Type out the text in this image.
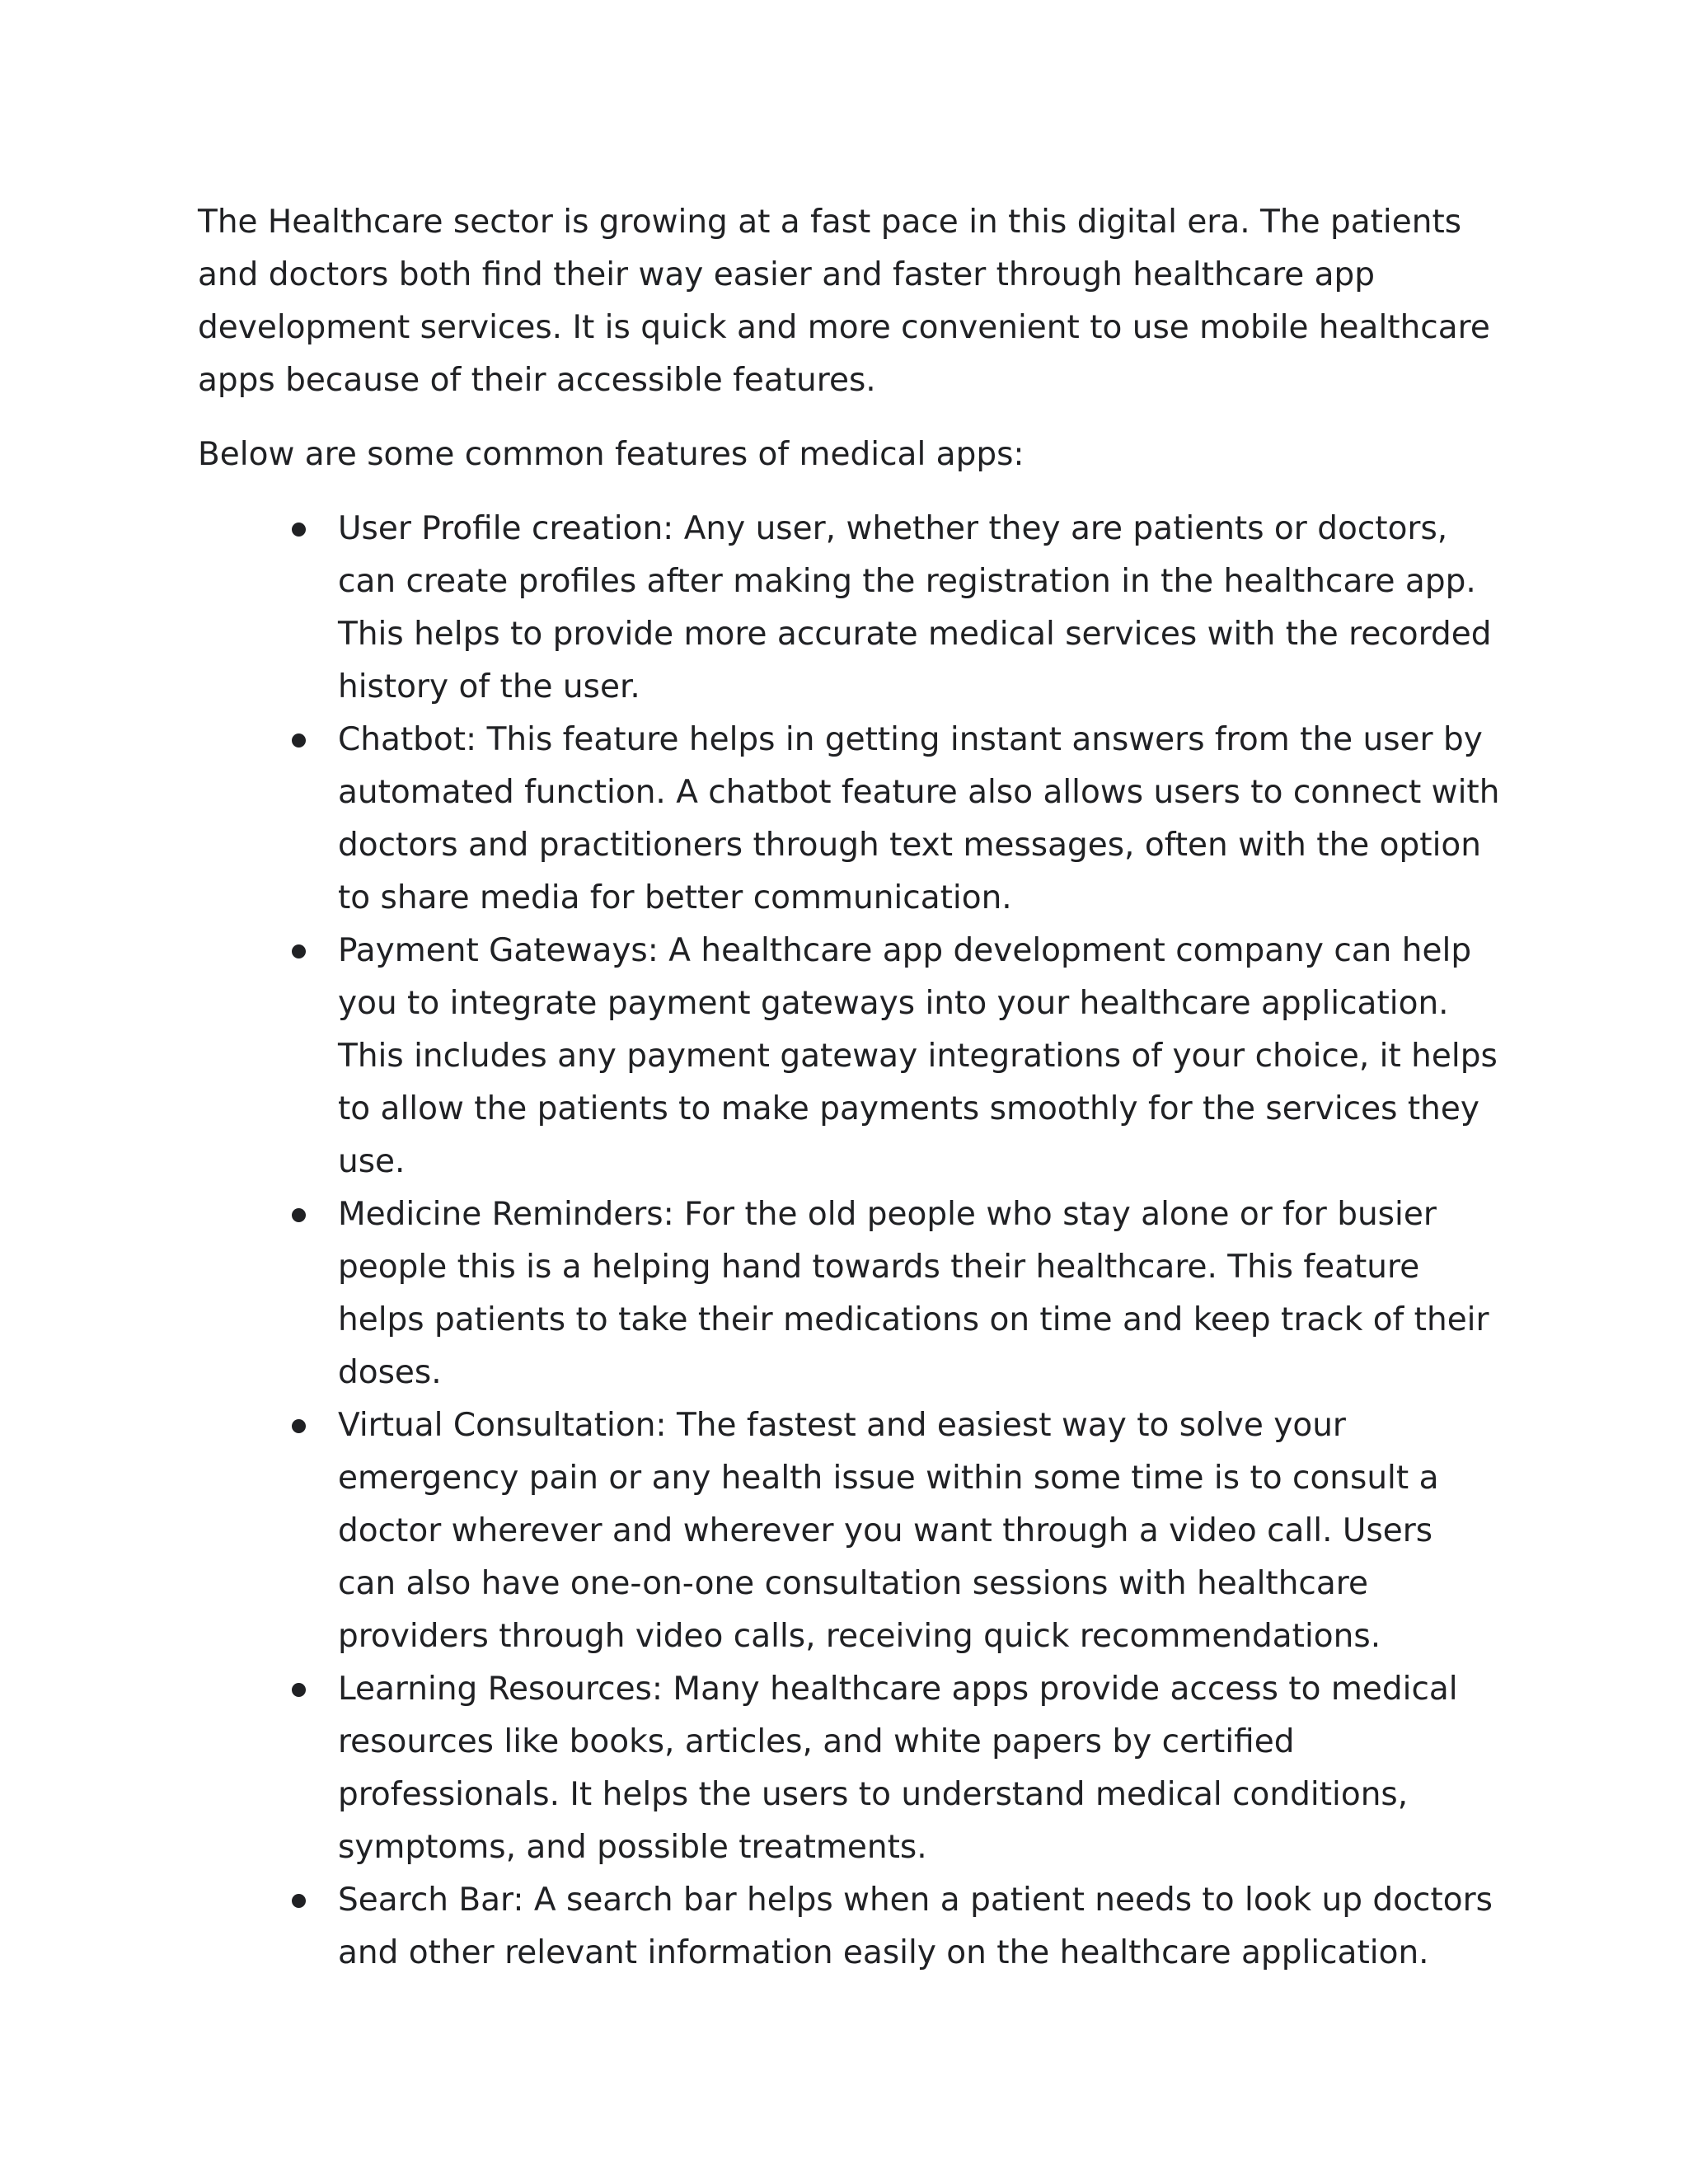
The Healthcare sector is growing at a fast pace in this digital era. The patients and doctors both find their way easier and faster through healthcare app development services. It is quick and more convenient to use mobile healthcare apps because of their accessible features.

Below are some common features of medical apps:

User Profile creation: Any user, whether they are patients or doctors, can create profiles after making the registration in the healthcare app. This helps to provide more accurate medical services with the recorded history of the user.
Chatbot: This feature helps in getting instant answers from the user by automated function. A chatbot feature also allows users to connect with doctors and practitioners through text messages, often with the option to share media for better communication.
Payment Gateways: A healthcare app development company can help you to integrate payment gateways into your healthcare application. This includes any payment gateway integrations of your choice, it helps to allow the patients to make payments smoothly for the services they use.
Medicine Reminders: For the old people who stay alone or for busier people this is a helping hand towards their healthcare. This feature helps patients to take their medications on time and keep track of their doses.
Virtual Consultation: The fastest and easiest way to solve your emergency pain or any health issue within some time is to consult a doctor wherever and wherever you want through a video call. Users can also have one-on-one consultation sessions with healthcare providers through video calls, receiving quick recommendations.
Learning Resources: Many healthcare apps provide access to medical resources like books, articles, and white papers by certified professionals. It helps the users to understand medical conditions, symptoms, and possible treatments.
Search Bar: A search bar helps when a patient needs to look up doctors and other relevant information easily on the healthcare application.
